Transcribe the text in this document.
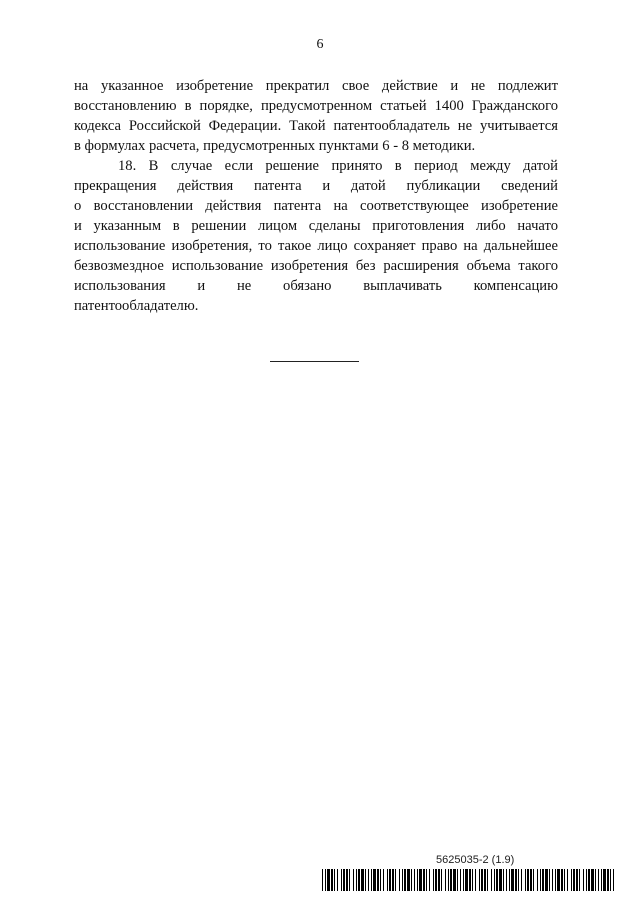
6
на указанное изобретение прекратил свое действие и не подлежит
восстановлению в порядке, предусмотренном статьей 1400 Гражданского
кодекса Российской Федерации. Такой патентообладатель не учитывается
в формулах расчета, предусмотренных пунктами 6 - 8 методики.
18. В случае если решение принято в период между датой
прекращения действия патента и датой публикации сведений
о восстановлении действия патента на соответствующее изобретение
и указанным в решении лицом сделаны приготовления либо начато
использование изобретения, то такое лицо сохраняет право на дальнейшее
безвозмездное использование изобретения без расширения объема такого
использования и не обязано выплачивать компенсацию
патентообладателю.
5625035-2 (1.9)
